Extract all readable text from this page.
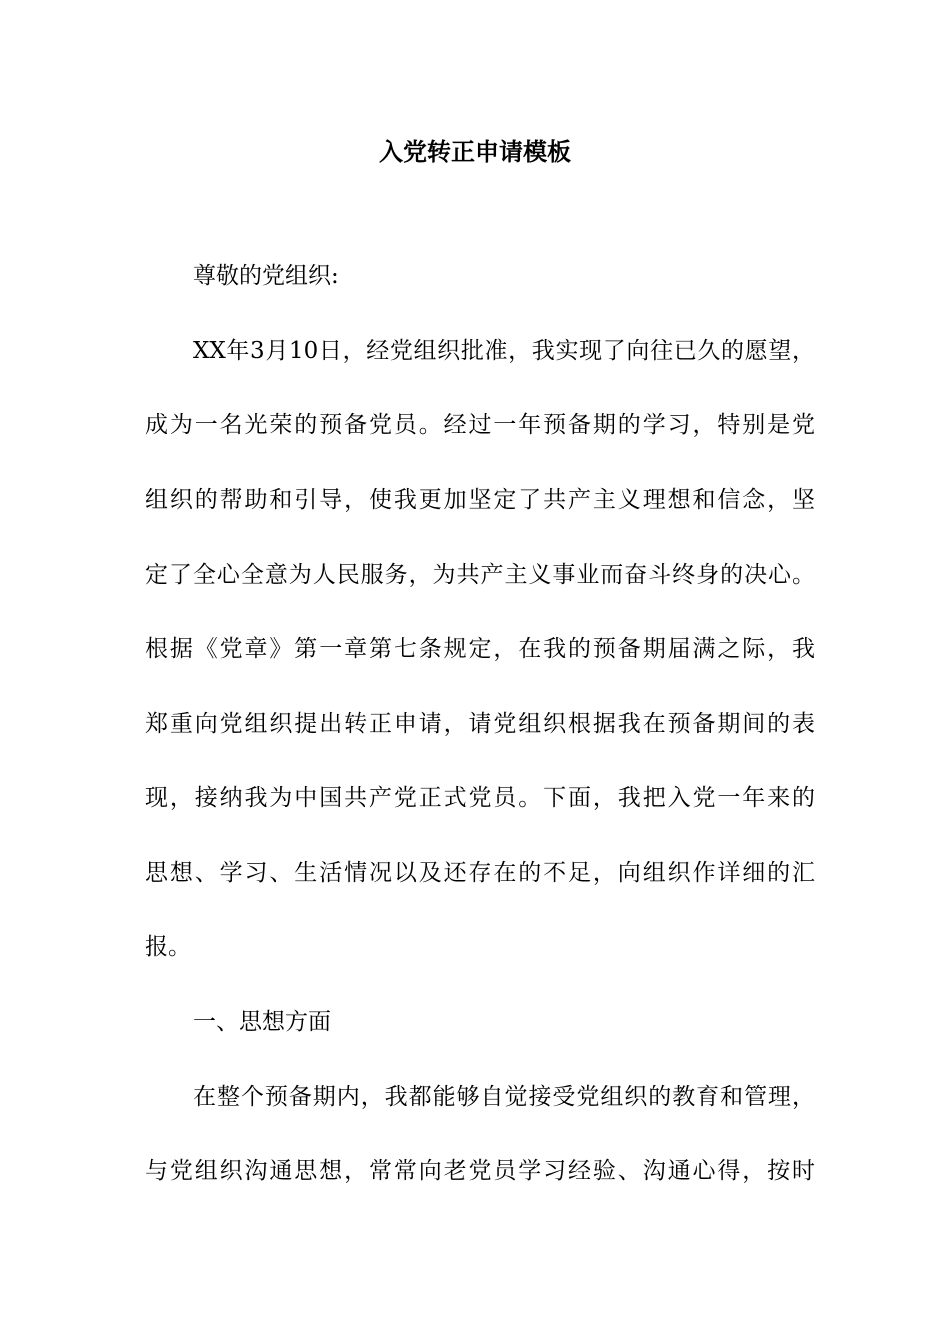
入党转正申请模板
尊敬的党组织:
XX年3月10日，经党组织批准，我实现了向往已久的愿望，
成为一名光荣的预备党员。经过一年预备期的学习，特别是党
组织的帮助和引导，使我更加坚定了共产主义理想和信念，坚
定了全心全意为人民服务，为共产主义事业而奋斗终身的决心。
根据《党章》第一章第七条规定，在我的预备期届满之际，我
郑重向党组织提出转正申请，请党组织根据我在预备期间的表
现，接纳我为中国共产党正式党员。下面，我把入党一年来的
思想、学习、生活情况以及还存在的不足，向组织作详细的汇
报。
一、思想方面
在整个预备期内，我都能够自觉接受党组织的教育和管理，
与党组织沟通思想，常常向老党员学习经验、沟通心得，按时
